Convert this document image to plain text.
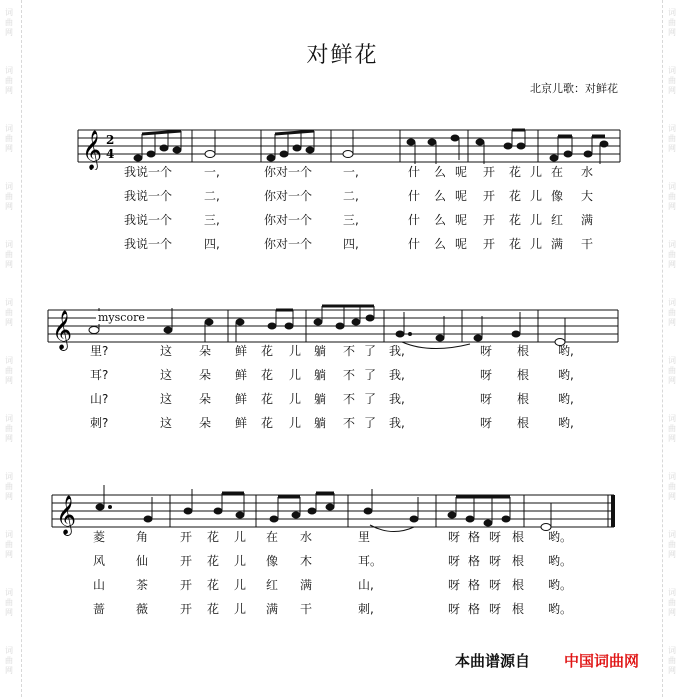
词
曲
网
词
曲
网
词
曲
网
词
曲
网
词
曲
网
词
曲
网
词
曲
网
词
曲
网
词
曲
网
词
曲
网
词
曲
网
词
曲
网
词
曲
网
词
曲
网
词
曲
网
词
曲
网
词
曲
网
词
曲
网
词
曲
网
词
曲
网
词
曲
网
词
曲
网
词
曲
网
词
曲
网
对鲜花
北京儿歌：对鲜花
𝄞 2
4
我说一个	一,	你对一个	一,	什 么 呢 开 花 儿 在 水
我说一个	二,	你对一个	二,	什 么 呢 开 花 儿 像 大
我说一个	三,	你对一个	三,	什 么 呢 开 花 儿 红 满
我说一个	四,	你对一个	四,	什 么 呢 开 花 儿 满 干
𝄞 myscore
里?	这 朵 鲜 花 儿 躺 不 了 我,	呀 根 哟,
耳?	这 朵 鲜 花 儿 躺 不 了 我,	呀 根 哟,
山?	这 朵 鲜 花 儿 躺 不 了 我,	呀 根 哟,
刺?	这 朵 鲜 花 儿 躺 不 了 我,	呀 根 哟,
𝄞
菱	角	开 花 儿 在 水	里	呀 格 呀 根 哟。
风	仙	开 花 儿 像 木	耳。	呀 格 呀 根 哟。
山	茶	开 花 儿 红 满	山,	呀 格 呀 根 哟。
蔷	薇	开 花 儿 满 干	刺,	呀 格 呀 根 哟。
本曲谱源自 中国词曲网
